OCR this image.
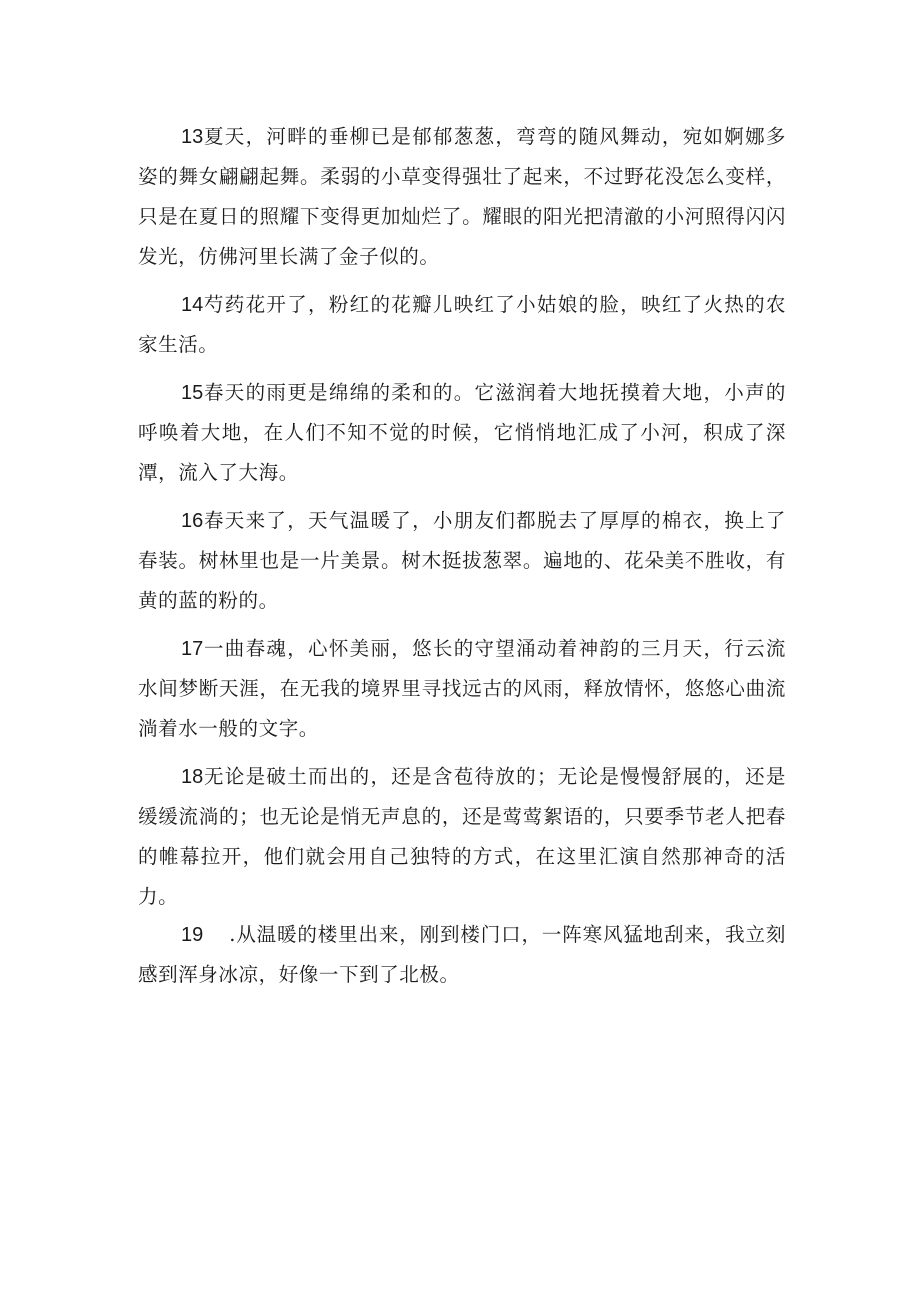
13夏天，河畔的垂柳已是郁郁葱葱，弯弯的随风舞动，宛如婀娜多姿的舞女翩翩起舞。柔弱的小草变得强壮了起来，不过野花没怎么变样，只是在夏日的照耀下变得更加灿烂了。耀眼的阳光把清澈的小河照得闪闪发光，仿佛河里长满了金子似的。

14芍药花开了，粉红的花瓣儿映红了小姑娘的脸，映红了火热的农家生活。

15春天的雨更是绵绵的柔和的。它滋润着大地抚摸着大地，小声的呼唤着大地，在人们不知不觉的时候，它悄悄地汇成了小河，积成了深潭，流入了大海。

16春天来了，天气温暖了，小朋友们都脱去了厚厚的棉衣，换上了春装。树林里也是一片美景。树木挺拔葱翠。遍地的、花朵美不胜收，有黄的蓝的粉的。

17一曲春魂，心怀美丽，悠长的守望涌动着神韵的三月天，行云流水间梦断天涯，在无我的境界里寻找远古的风雨，释放情怀，悠悠心曲流淌着水一般的文字。

18无论是破土而出的，还是含苞待放的；无论是慢慢舒展的，还是缓缓流淌的；也无论是悄无声息的，还是莺莺絮语的，只要季节老人把春的帷幕拉开，他们就会用自己独特的方式，在这里汇演自然那神奇的活力。

19 .从温暖的楼里出来，刚到楼门口，一阵寒风猛地刮来，我立刻感到浑身冰凉，好像一下到了北极。
